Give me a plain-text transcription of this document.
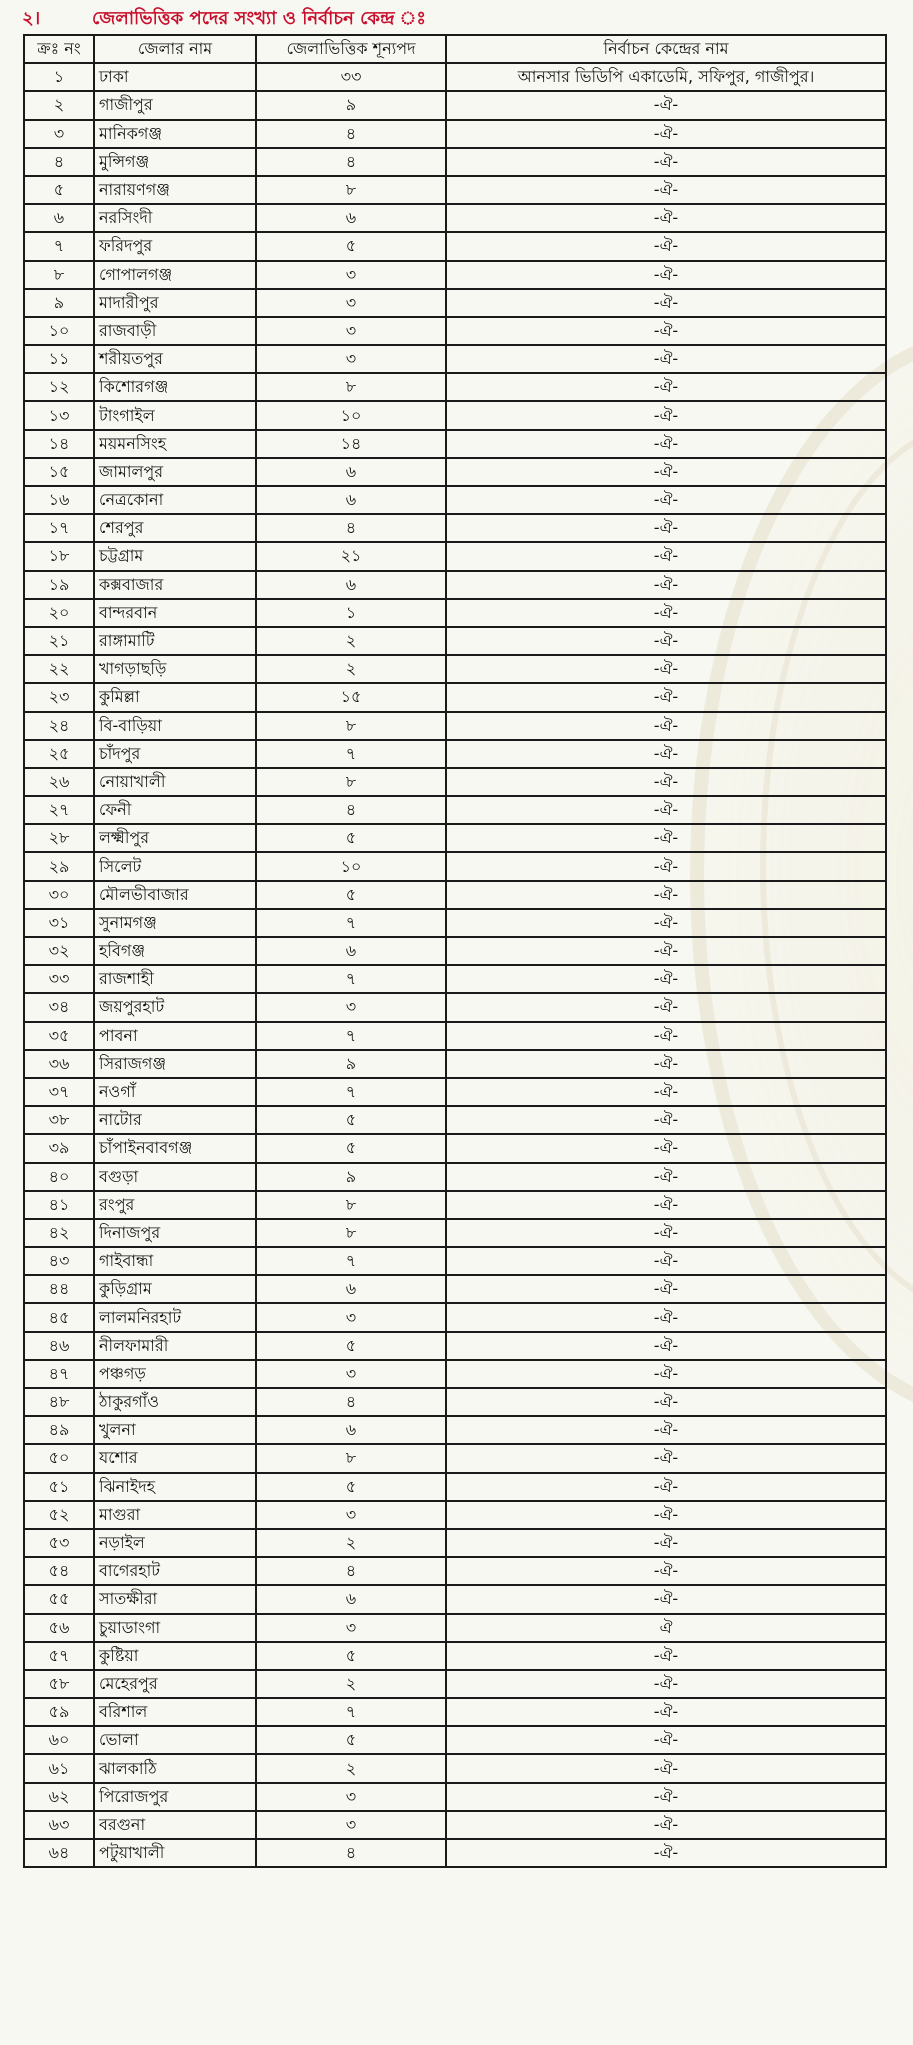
২।	জেলাভিত্তিক পদের সংখ্যা ও নির্বাচন কেন্দ্র ঃ
ক্রঃ নং	জেলার নাম	জেলাভিত্তিক শূন্যপদ	নির্বাচন কেন্দ্রের নাম
১	ঢাকা	৩৩	আনসার ভিডিপি একাডেমি, সফিপুর, গাজীপুর।
২	গাজীপুর	৯	-ঐ-
৩	মানিকগঞ্জ	৪	-ঐ-
৪	মুন্সিগঞ্জ	৪	-ঐ-
৫	নারায়ণগঞ্জ	৮	-ঐ-
৬	নরসিংদী	৬	-ঐ-
৭	ফরিদপুর	৫	-ঐ-
৮	গোপালগঞ্জ	৩	-ঐ-
৯	মাদারীপুর	৩	-ঐ-
১০	রাজবাড়ী	৩	-ঐ-
১১	শরীয়তপুর	৩	-ঐ-
১২	কিশোরগঞ্জ	৮	-ঐ-
১৩	টাংগাইল	১০	-ঐ-
১৪	ময়মনসিংহ	১৪	-ঐ-
১৫	জামালপুর	৬	-ঐ-
১৬	নেত্রকোনা	৬	-ঐ-
১৭	শেরপুর	৪	-ঐ-
১৮	চট্টগ্রাম	২১	-ঐ-
১৯	কক্সবাজার	৬	-ঐ-
২০	বান্দরবান	১	-ঐ-
২১	রাঙ্গামাটি	২	-ঐ-
২২	খাগড়াছড়ি	২	-ঐ-
২৩	কুমিল্লা	১৫	-ঐ-
২৪	বি-বাড়িয়া	৮	-ঐ-
২৫	চাঁদপুর	৭	-ঐ-
২৬	নোয়াখালী	৮	-ঐ-
২৭	ফেনী	৪	-ঐ-
২৮	লক্ষ্মীপুর	৫	-ঐ-
২৯	সিলেট	১০	-ঐ-
৩০	মৌলভীবাজার	৫	-ঐ-
৩১	সুনামগঞ্জ	৭	-ঐ-
৩২	হবিগঞ্জ	৬	-ঐ-
৩৩	রাজশাহী	৭	-ঐ-
৩৪	জয়পুরহাট	৩	-ঐ-
৩৫	পাবনা	৭	-ঐ-
৩৬	সিরাজগঞ্জ	৯	-ঐ-
৩৭	নওগাঁ	৭	-ঐ-
৩৮	নাটোর	৫	-ঐ-
৩৯	চাঁপাইনবাবগঞ্জ	৫	-ঐ-
৪০	বগুড়া	৯	-ঐ-
৪১	রংপুর	৮	-ঐ-
৪২	দিনাজপুর	৮	-ঐ-
৪৩	গাইবান্ধা	৭	-ঐ-
৪৪	কুড়িগ্রাম	৬	-ঐ-
৪৫	লালমনিরহাট	৩	-ঐ-
৪৬	নীলফামারী	৫	-ঐ-
৪৭	পঞ্চগড়	৩	-ঐ-
৪৮	ঠাকুরগাঁও	৪	-ঐ-
৪৯	খুলনা	৬	-ঐ-
৫০	যশোর	৮	-ঐ-
৫১	ঝিনাইদহ	৫	-ঐ-
৫২	মাগুরা	৩	-ঐ-
৫৩	নড়াইল	২	-ঐ-
৫৪	বাগেরহাট	৪	-ঐ-
৫৫	সাতক্ষীরা	৬	-ঐ-
৫৬	চুয়াডাংগা	৩	ঐ
৫৭	কুষ্টিয়া	৫	-ঐ-
৫৮	মেহেরপুর	২	-ঐ-
৫৯	বরিশাল	৭	-ঐ-
৬০	ভোলা	৫	-ঐ-
৬১	ঝালকাঠি	২	-ঐ-
৬২	পিরোজপুর	৩	-ঐ-
৬৩	বরগুনা	৩	-ঐ-
৬৪	পটুয়াখালী	৪	-ঐ-
